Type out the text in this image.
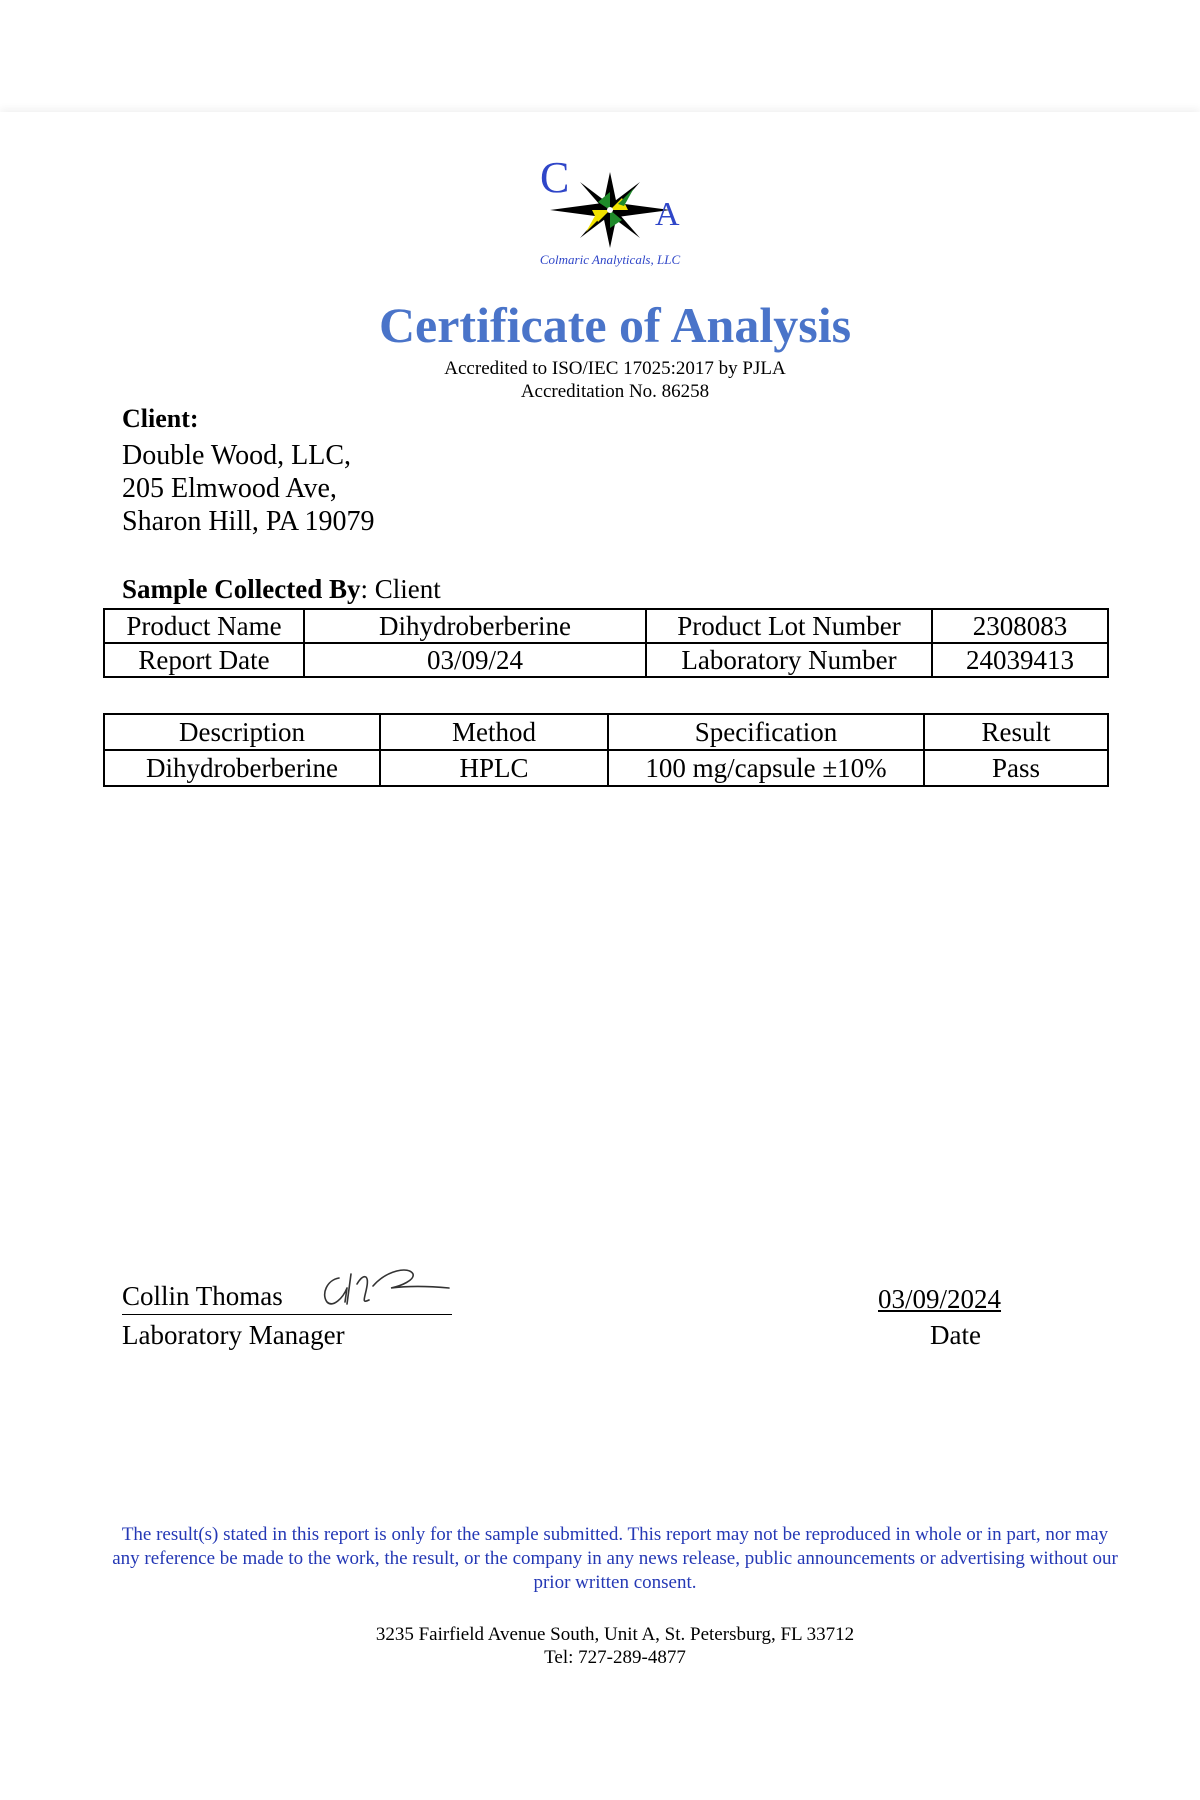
C
A
Colmaric Analyticals, LLC
Certificate of Analysis
Accredited to ISO/IEC 17025:2017 by PJLA
Accreditation No. 86258
Client:
Double Wood, LLC,
205 Elmwood Ave,
Sharon Hill, PA 19079
Sample Collected By: Client
Product Name	Dihydroberberine	Product Lot Number	2308083
Report Date	03/09/24	Laboratory Number	24039413
Description	Method	Specification	Result
Dihydroberberine	HPLC	100 mg/capsule ±10%	Pass
Collin Thomas
Laboratory Manager
03/09/2024
Date
The result(s) stated in this report is only for the sample submitted. This report may not be reproduced in whole or in part, nor may any reference be made to the work, the result, or the company in any news release, public announcements or advertising without our prior written consent.
3235 Fairfield Avenue South, Unit A, St. Petersburg, FL 33712
Tel: 727-289-4877
